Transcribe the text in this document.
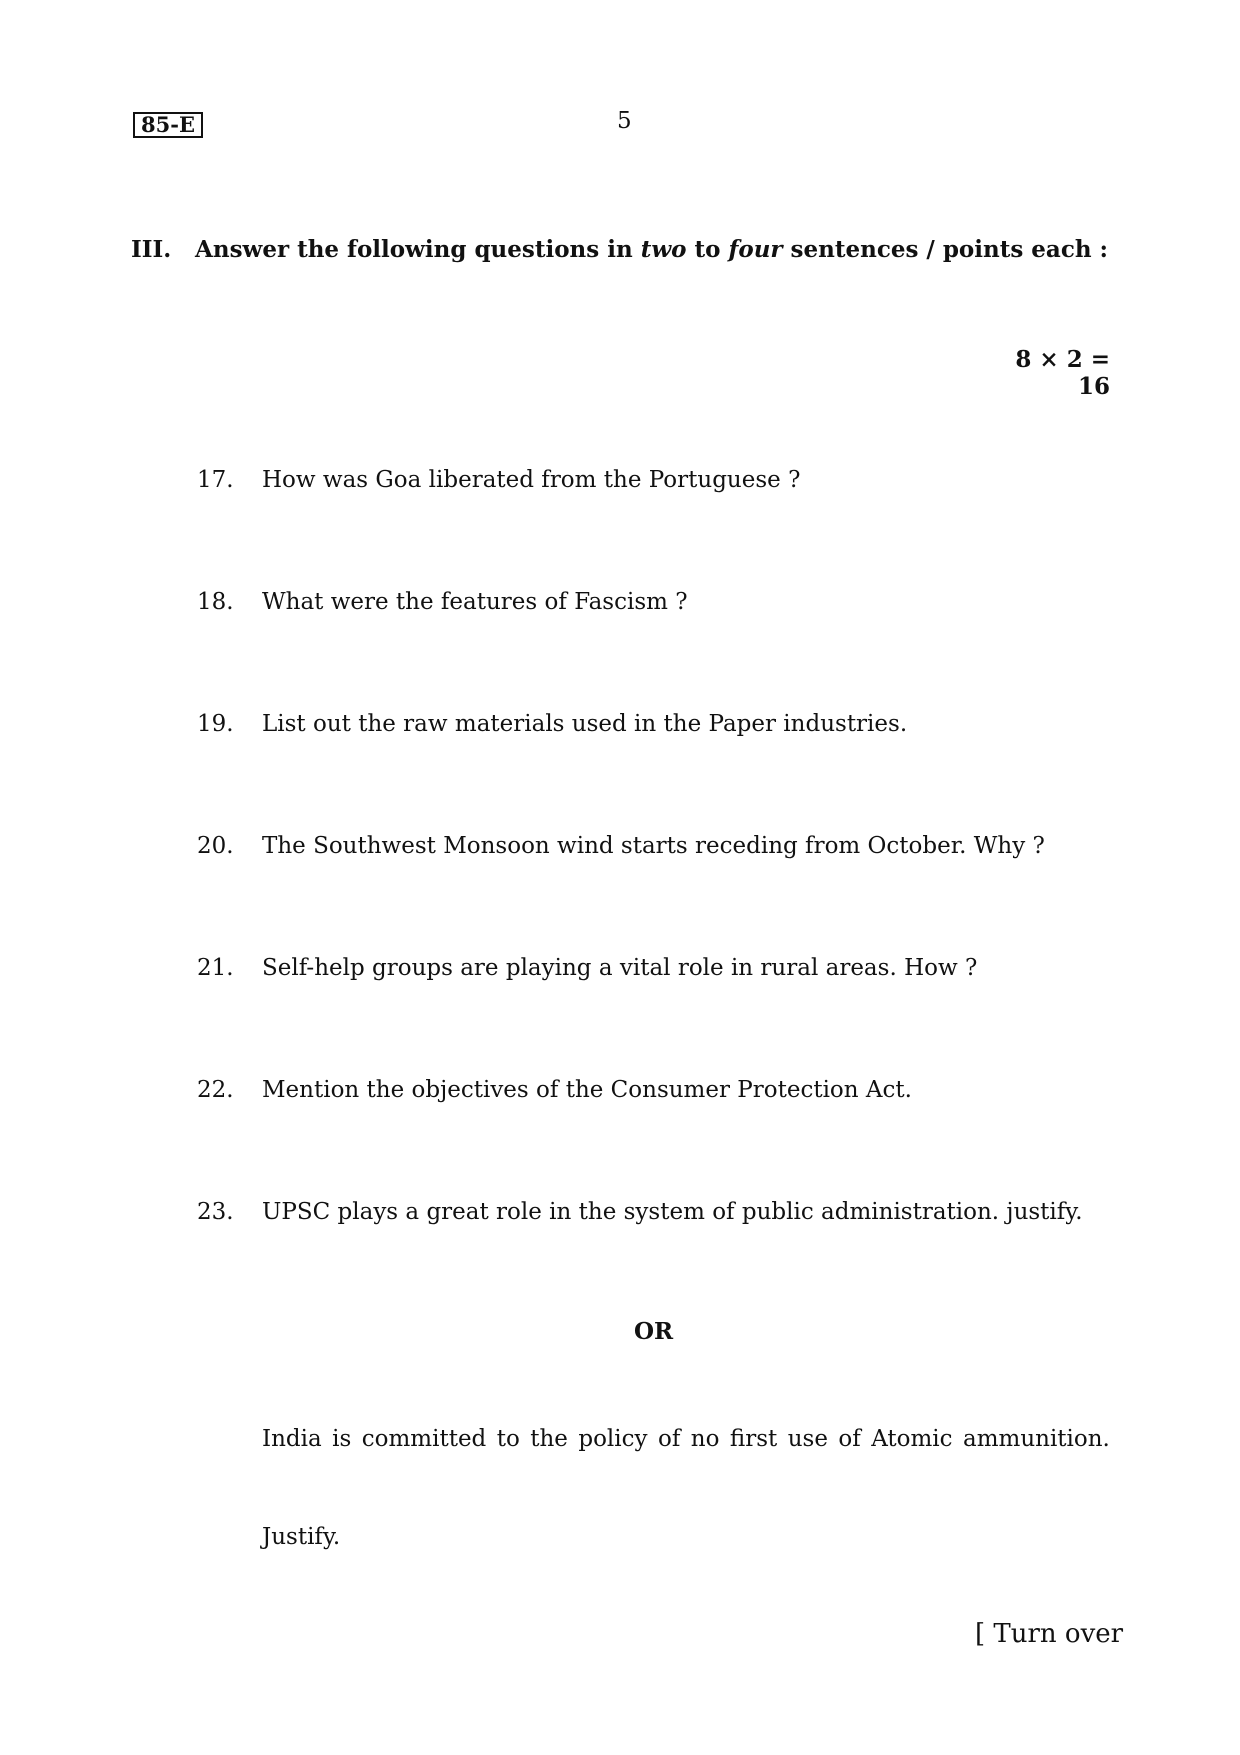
85-E	5
III. Answer the following questions in two to four sentences / points each :
8 × 2 = 16
17. How was Goa liberated from the Portuguese ?
18. What were the features of Fascism ?
19. List out the raw materials used in the Paper industries.
20. The Southwest Monsoon wind starts receding from October. Why ?
21. Self-help groups are playing a vital role in rural areas. How ?
22. Mention the objectives of the Consumer Protection Act.
23. UPSC plays a great role in the system of public administration. justify.
OR
India is committed to the policy of no first use of Atomic ammunition.
Justify.
[ Turn over
